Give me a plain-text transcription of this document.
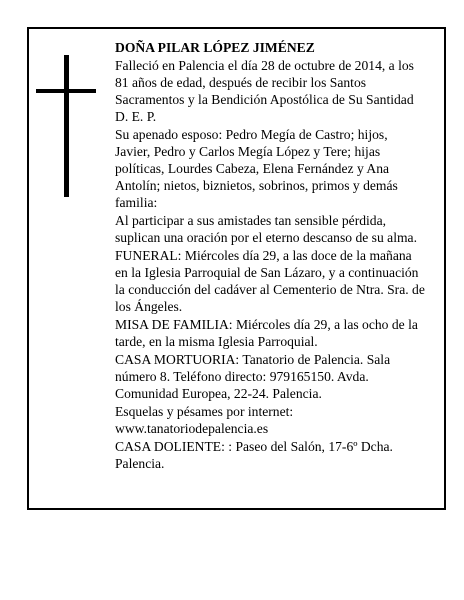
DOÑA PILAR LÓPEZ JIMÉNEZ
Falleció en Palencia el día 28 de octubre de 2014, a los 81 años de edad, después de recibir los Santos Sacramentos y la Bendición Apostólica de Su Santidad D. E. P.
Su apenado esposo: Pedro Megía de Castro; hijos, Javier, Pedro y Carlos Megía López y Tere; hijas políticas, Lourdes Cabeza, Elena Fernández y Ana Antolín; nietos, biznietos, sobrinos, primos y demás familia:
Al participar a sus amistades tan sensible pérdida, suplican una oración por el eterno descanso de su alma.
FUNERAL: Miércoles día 29, a las doce de la mañana en la Iglesia Parroquial de San Lázaro, y a continuación la conducción del cadáver al Cementerio de Ntra. Sra. de los Ángeles.
MISA DE FAMILIA: Miércoles día 29, a las ocho de la tarde, en la misma Iglesia Parroquial.
CASA MORTUORIA: Tanatorio de Palencia. Sala número 8. Teléfono directo: 979165150. Avda. Comunidad Europea, 22-24. Palencia.
Esquelas y pésames por internet: www.tanatoriodepalencia.es
CASA DOLIENTE: : Paseo del Salón, 17-6º Dcha. Palencia.
